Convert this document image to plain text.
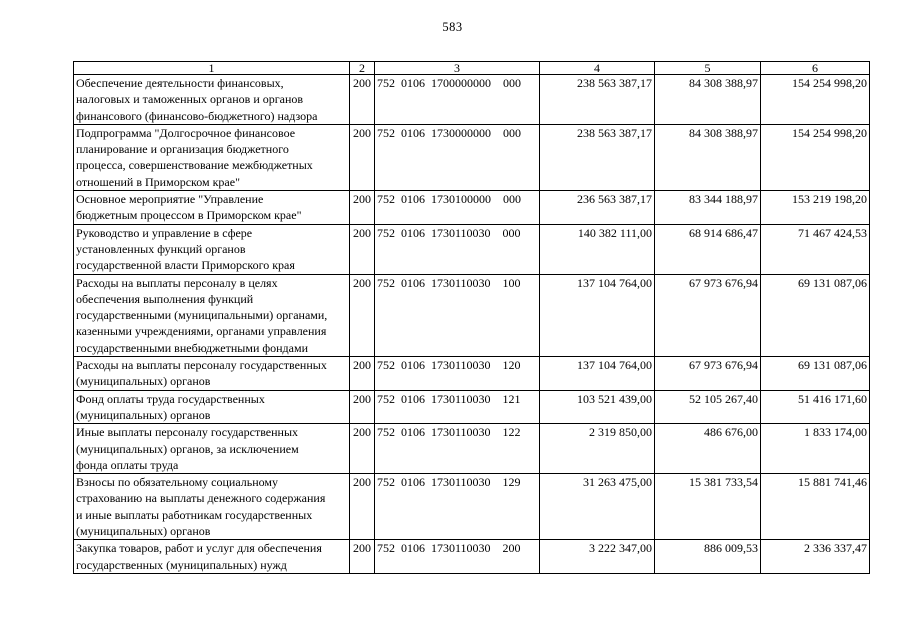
583
1	2	3	4	5	6

Обеспечение деятельности финансовых,
налоговых и таможенных органов и органов
финансового (финансово-бюджетного) надзора	200	752  0106  1700000000    000	238 563 387,17	84 308 388,97	154 254 998,20

Подпрограмма "Долгосрочное финансовое
планирование и организация бюджетного
процесса, совершенствование межбюджетных
отношений в Приморском крае"	200	752  0106  1730000000    000	238 563 387,17	84 308 388,97	154 254 998,20

Основное мероприятие "Управление
бюджетным процессом в Приморском крае"	200	752  0106  1730100000    000	236 563 387,17	83 344 188,97	153 219 198,20

Руководство и управление в сфере
установленных функций органов
государственной власти Приморского края	200	752  0106  1730110030    000	140 382 111,00	68 914 686,47	71 467 424,53

Расходы на выплаты персоналу в целях
обеспечения выполнения функций
государственными (муниципальными) органами,
казенными учреждениями, органами управления
государственными внебюджетными фондами	200	752  0106  1730110030    100	137 104 764,00	67 973 676,94	69 131 087,06

Расходы на выплаты персоналу государственных
(муниципальных) органов	200	752  0106  1730110030    120	137 104 764,00	67 973 676,94	69 131 087,06

Фонд оплаты труда государственных
(муниципальных) органов	200	752  0106  1730110030    121	103 521 439,00	52 105 267,40	51 416 171,60

Иные выплаты персоналу государственных
(муниципальных) органов, за исключением
фонда оплаты труда	200	752  0106  1730110030    122	2 319 850,00	486 676,00	1 833 174,00

Взносы по обязательному социальному
страхованию на выплаты денежного содержания
и иные выплаты работникам государственных
(муниципальных) органов	200	752  0106  1730110030    129	31 263 475,00	15 381 733,54	15 881 741,46

Закупка товаров, работ и услуг для обеспечения
государственных (муниципальных) нужд	200	752  0106  1730110030    200	3 222 347,00	886 009,53	2 336 337,47
